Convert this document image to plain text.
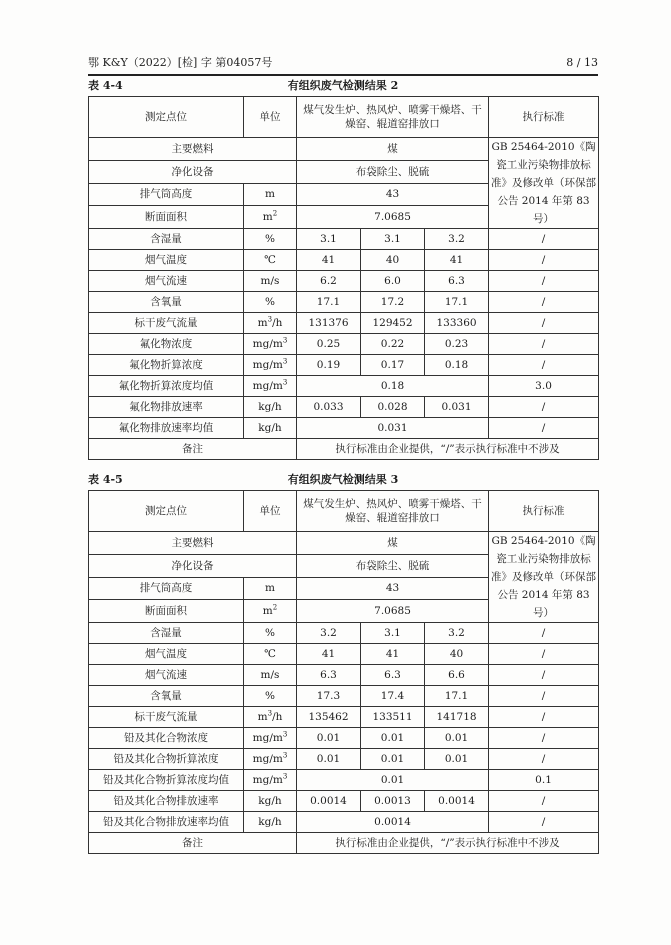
鄂 K&Y（2022）[检] 字 第04057号	8 / 13
有组织废气检测结果 2
表 4-4
测定点位	单位	煤气发生炉、热风炉、喷雾干燥塔、干燥窑、辊道窑排放口			执行标准
主要燃料		煤			GB 25464-2010《陶瓷工业污染物排放标准》及修改单（环保部公告 2014 年第 83 号）
净化设备		布袋除尘、脱硫			
排气筒高度	m	43			
断面面积	$m^2$	7.0685			
含湿量	%	3.1	3.1	3.2	/
烟气温度	℃	41	40	41	/
烟气流速	m/s	6.2	6.0	6.3	/
含氧量	%	17.1	17.2	17.1	/
标干废气流量	$m^3/h$	131376	129452	133360	/
氟化物浓度	$mg/m^3$	0.25	0.22	0.23	/
氟化物折算浓度	$mg/m^3$	0.19	0.17	0.18	/
氟化物折算浓度均值	$mg/m^3$	0.18			3.0
氟化物排放速率	kg/h	0.033	0.028	0.031	/
氟化物排放速率均值	kg/h	0.031			/
备注		执行标准由企业提供，“/”表示执行标准中不涉及			
有组织废气检测结果 3
表 4-5
测定点位	单位	煤气发生炉、热风炉、喷雾干燥塔、干燥窑、辊道窑排放口			执行标准
主要燃料		煤			GB 25464-2010《陶瓷工业污染物排放标准》及修改单（环保部公告 2014 年第 83 号）
净化设备		布袋除尘、脱硫			
排气筒高度	m	43			
断面面积	$m^2$	7.0685			
含湿量	%	3.2	3.1	3.2	/
烟气温度	℃	41	41	40	/
烟气流速	m/s	6.3	6.3	6.6	/
含氧量	%	17.3	17.4	17.1	/
标干废气流量	$m^3/h$	135462	133511	141718	/
铅及其化合物浓度	$mg/m^3$	0.01	0.01	0.01	/
铅及其化合物折算浓度	$mg/m^3$	0.01	0.01	0.01	/
铅及其化合物折算浓度均值	$mg/m^3$	0.01			0.1
铅及其化合物排放速率	kg/h	0.0014	0.0013	0.0014	/
铅及其化合物排放速率均值	kg/h	0.0014			/
备注		执行标准由企业提供，“/”表示执行标准中不涉及			
